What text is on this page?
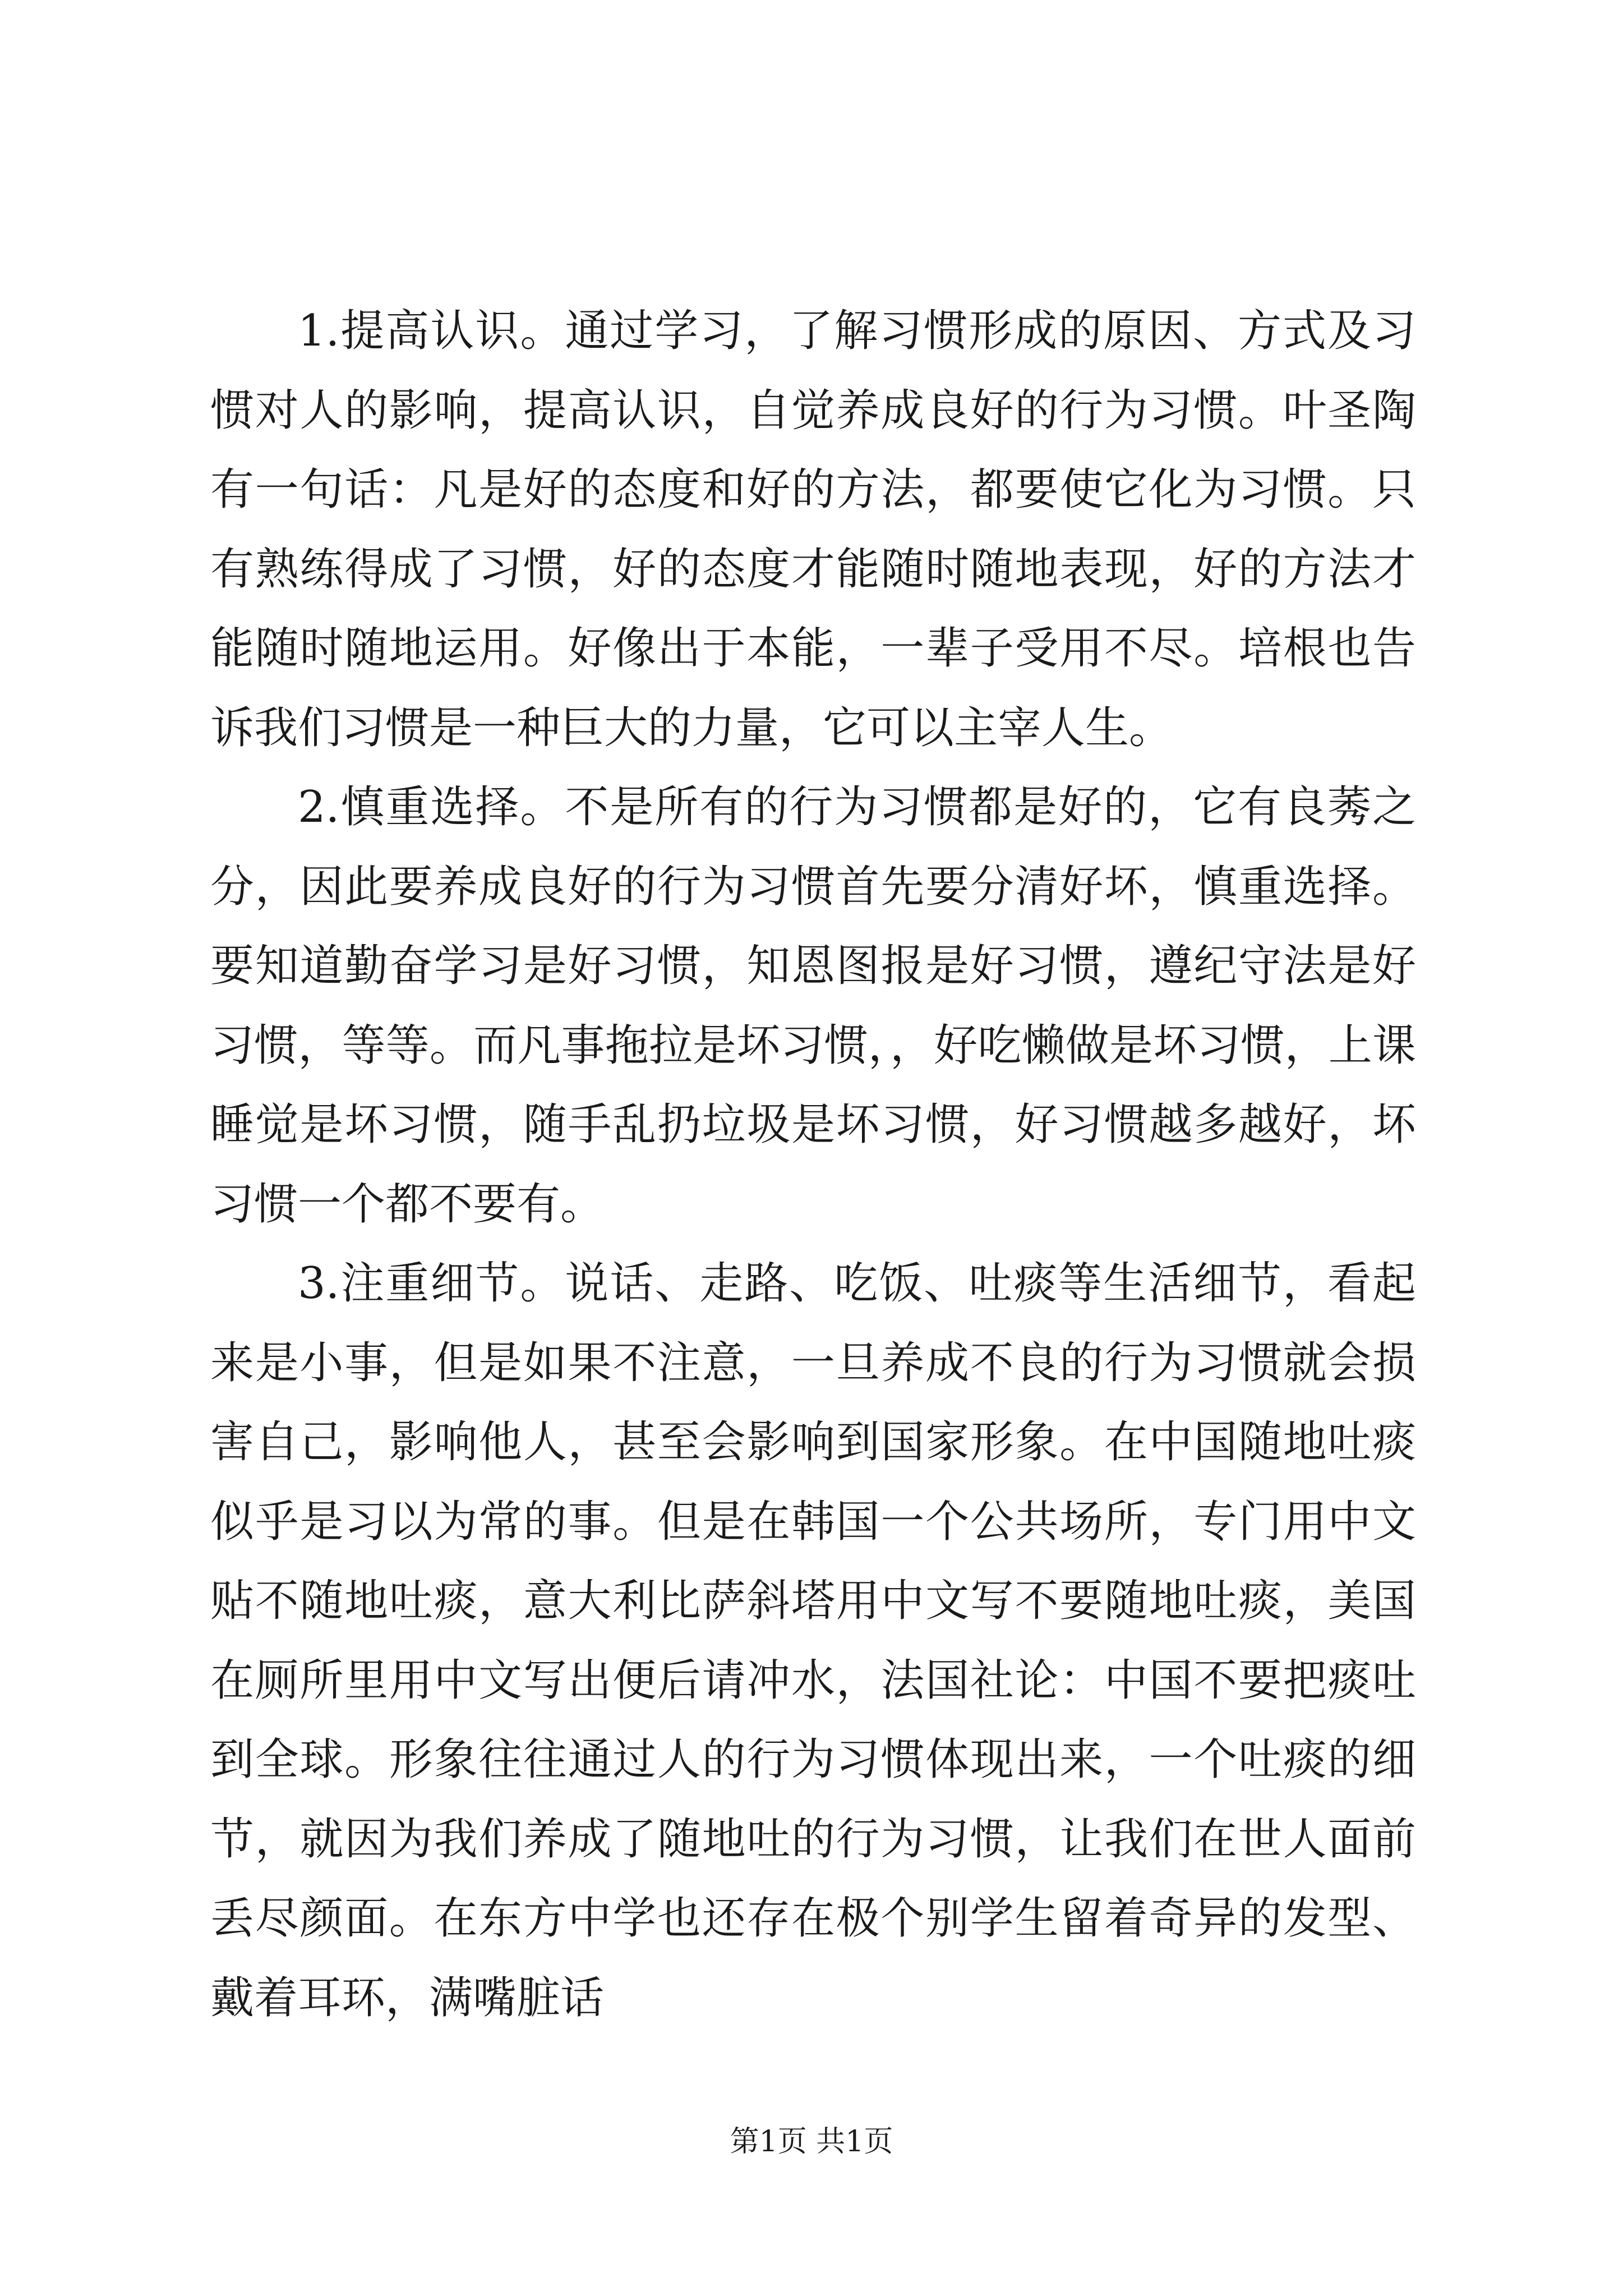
1.提高认识。通过学习，了解习惯形成的原因、方式及习惯对人的影响，提高认识，自觉养成良好的行为习惯。叶圣陶有一句话：凡是好的态度和好的方法，都要使它化为习惯。只有熟练得成了习惯，好的态度才能随时随地表现，好的方法才能随时随地运用。好像出于本能，一辈子受用不尽。培根也告诉我们习惯是一种巨大的力量，它可以主宰人生。

2.慎重选择。不是所有的行为习惯都是好的，它有良莠之分，因此要养成良好的行为习惯首先要分清好坏，慎重选择。要知道勤奋学习是好习惯，知恩图报是好习惯，遵纪守法是好习惯，等等。而凡事拖拉是坏习惯，，好吃懒做是坏习惯，上课睡觉是坏习惯，随手乱扔垃圾是坏习惯，好习惯越多越好，坏习惯一个都不要有。

3.注重细节。说话、走路、吃饭、吐痰等生活细节，看起来是小事，但是如果不注意，一旦养成不良的行为习惯就会损害自己，影响他人，甚至会影响到国家形象。在中国随地吐痰似乎是习以为常的事。但是在韩国一个公共场所，专门用中文贴不随地吐痰，意大利比萨斜塔用中文写不要随地吐痰，美国在厕所里用中文写出便后请冲水，法国社论：中国不要把痰吐到全球。形象往往通过人的行为习惯体现出来，一个吐痰的细节，就因为我们养成了随地吐的行为习惯，让我们在世人面前丢尽颜面。在东方中学也还存在极个别学生留着奇异的发型、戴着耳环，满嘴脏话

第1页 共1页
